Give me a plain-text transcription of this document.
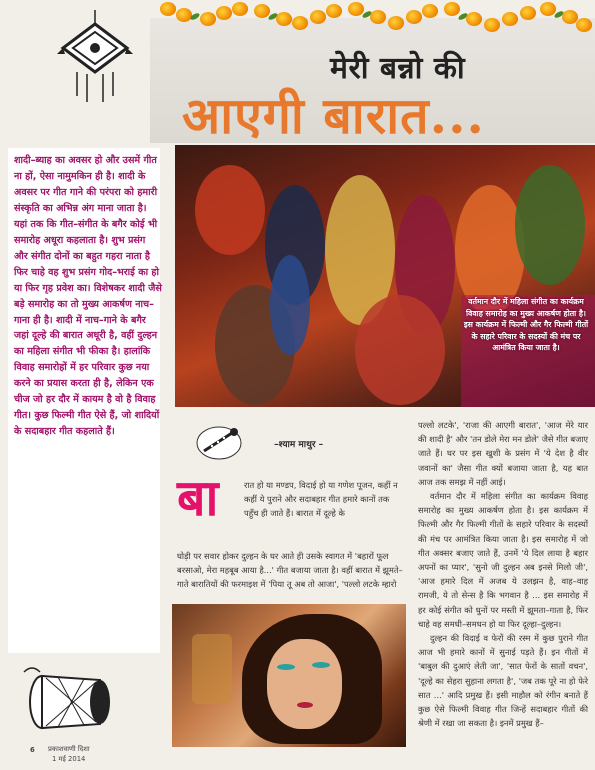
मेरी बन्नो की
आएगी बारात...
वर्तमान दौर में महिला संगीत का कार्यक्रम विवाह समारोह का मुख्य आकर्षण होता है। इस कार्यक्रम में फिल्मी और गैर फिल्मी गीतों के सहारे परिवार के सदस्यों की मंच पर आमंत्रित किया जाता है।
शादी–ब्याह का अवसर हो और उसमें गीत ना हों, ऐसा नामुमकिन ही है। शादी के अवसर पर गीत गाने की परंपरा को हमारी संस्कृति का अभिन्न अंग माना जाता है। यहां तक कि गीत–संगीत के बगैर कोई भी समारोह अधूरा कहलाता है। शुभ प्रसंग और संगीत दोनों का बहुत गहरा नाता है फिर चाहे वह शुभ प्रसंग गोद–भराई का हो या फिर गृह प्रवेश का। विशेषकर शादी जैसे बड़े समारोह का तो मुख्य आकर्षण नाच–गाना ही है। शादी में नाच–गाने के बगैर जहां दूल्हे की बारात अधूरी है, वहीं दुल्हन का महिला संगीत भी फीका है। हालांकि विवाह समारोहों में हर परिवार कुछ नया करने का प्रयास करता ही है, लेकिन एक चीज जो हर दौर में कायम है वो है विवाह गीत। कुछ फिल्मी गीत ऐसे हैं, जो शादियों के सदाबहार गीत कहलाते हैं।
–श्याम माथुर –
बा	रात हो या मण्डप, विदाई हो या गणेश पूजन, कहीं न कहीं ये पुराने और सदाबहार गीत हमारे कानों तक पहुँच ही जाते हैं। बारात में दूल्हे के
घोड़ी पर सवार होकर दुल्हन के घर आते ही उसके स्वागत में 'बहारों फूल बरसाओ, मेरा महबूब आया है...' गीत बजाया जाता है। वहीं बारात में झूमते–गाते बारातियों की फरमाइश में 'पिया तू अब तो आजा', 'पल्लो लटके म्हारो

पल्लो लटके', 'राजा की आएगी बारात', 'आज मेरे यार की शादी है' और 'तन डोले मेरा मन डोले' जैसे गीत बजाए जाते हैं। घर पर इस खुशी के प्रसंग में 'ये देश है वीर जवानों का' जैसा गीत क्यों बजाया जाता है, यह बात आज तक समझ में नहीं आई।

वर्तमान दौर में महिला संगीत का कार्यक्रम विवाह समारोह का मुख्य आकर्षण होता है। इस कार्यक्रम में फिल्मी और गैर फिल्मी गीतों के सहारे परिवार के सदस्यों की मंच पर आमंत्रित किया जाता है। इस समारोह में जो गीत अक्सर बजाए जाते हैं, उनमें 'ये दिल लाया है बहार अपनों का प्यार', 'सुनो जी दुल्हन अब इनसे मिलो जी', 'आज हमारे दिल में अजब ये उलझन है, वाह–वाह रामजी, ये तो सेन्स है कि भगवान है ... इस समारोह में हर कोई संगीत को धुनों पर मस्ती में झूमता–गाता है, फिर चाहे वह समधी–समधन हो या फिर दूल्हा–दुल्हन।

दुल्हन की विदाई व फेरों की रस्म में कुछ पुराने गीत आज भी हमारे कानों में सुनाई पड़ते हैं। इन गीतों में 'बाबुल की दुआएं लेती जा', 'सात फेरों के सातों वचन', 'दूल्हे का सेहरा सुहाना लगता है', 'जब तक पूरे ना हो फेरे सात ...' आदि प्रमुख हैं। इसी माहौल को रंगीन बनाते हैं कुछ ऐसे फिल्मी विवाह गीत जिन्हें सदाबहार गीतों की श्रेणी में रखा जा सकता है। इनमें प्रमुख हैं–

6 प्रकाशवाणी दिशा
1 मई 2014
